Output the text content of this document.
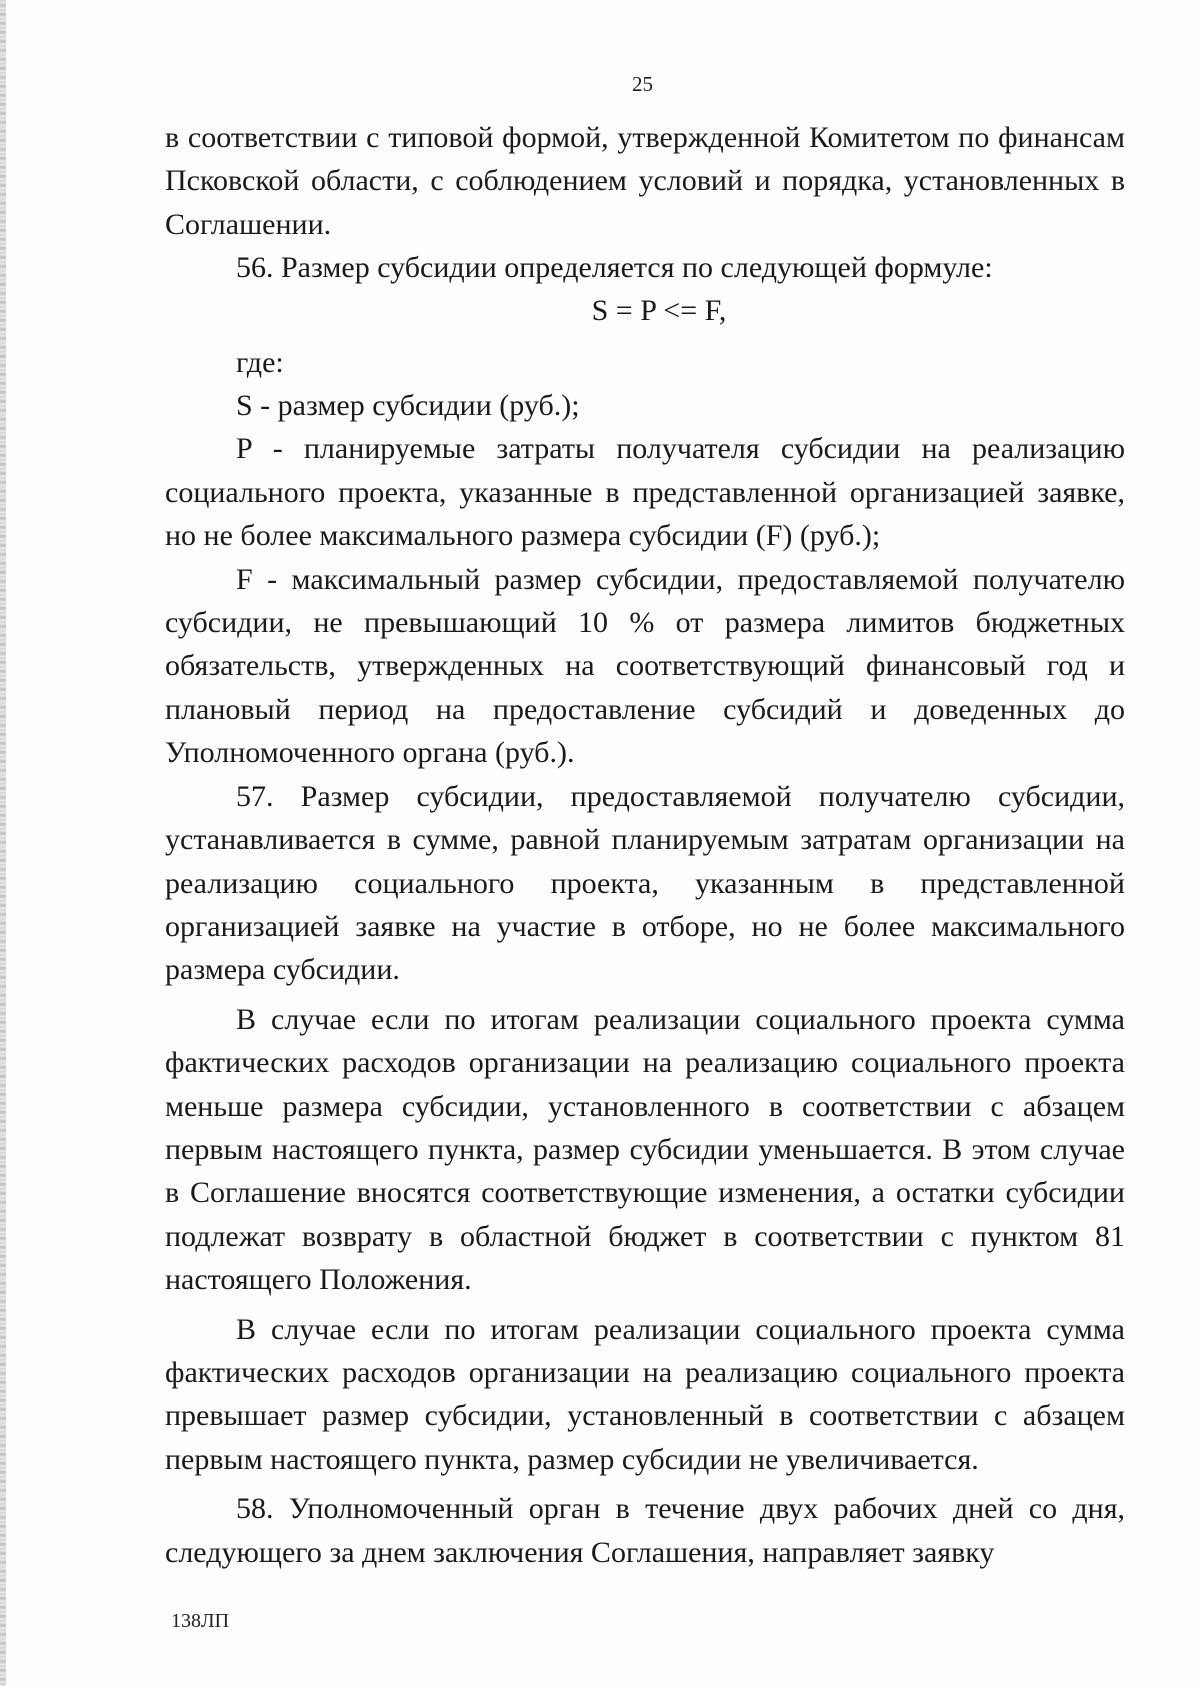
25

в соответствии с типовой формой, утвержденной Комитетом по финансам Псковской области, с соблюдением условий и порядка, установленных в Соглашении.

56. Размер субсидии определяется по следующей формуле:

S = P <= F,

где:

S - размер субсидии (руб.);

P - планируемые затраты получателя субсидии на реализацию социального проекта, указанные в представленной организацией заявке, но не более максимального размера субсидии (F) (руб.);

F - максимальный размер субсидии, предоставляемой получателю субсидии, не превышающий 10 % от размера лимитов бюджетных обязательств, утвержденных на соответствующий финансовый год и плановый период на предоставление субсидий и доведенных до Уполномоченного органа (руб.).

57. Размер субсидии, предоставляемой получателю субсидии, устанавливается в сумме, равной планируемым затратам организации на реализацию социального проекта, указанным в представленной организацией заявке на участие в отборе, но не более максимального размера субсидии.

В случае если по итогам реализации социального проекта сумма фактических расходов организации на реализацию социального проекта меньше размера субсидии, установленного в соответствии с абзацем первым настоящего пункта, размер субсидии уменьшается. В этом случае в Соглашение вносятся соответствующие изменения, а остатки субсидии подлежат возврату в областной бюджет в соответствии с пунктом 81 настоящего Положения.

В случае если по итогам реализации социального проекта сумма фактических расходов организации на реализацию социального проекта превышает размер субсидии, установленный в соответствии с абзацем первым настоящего пункта, размер субсидии не увеличивается.

58. Уполномоченный орган в течение двух рабочих дней со дня, следующего за днем заключения Соглашения, направляет заявку

138ЛП
